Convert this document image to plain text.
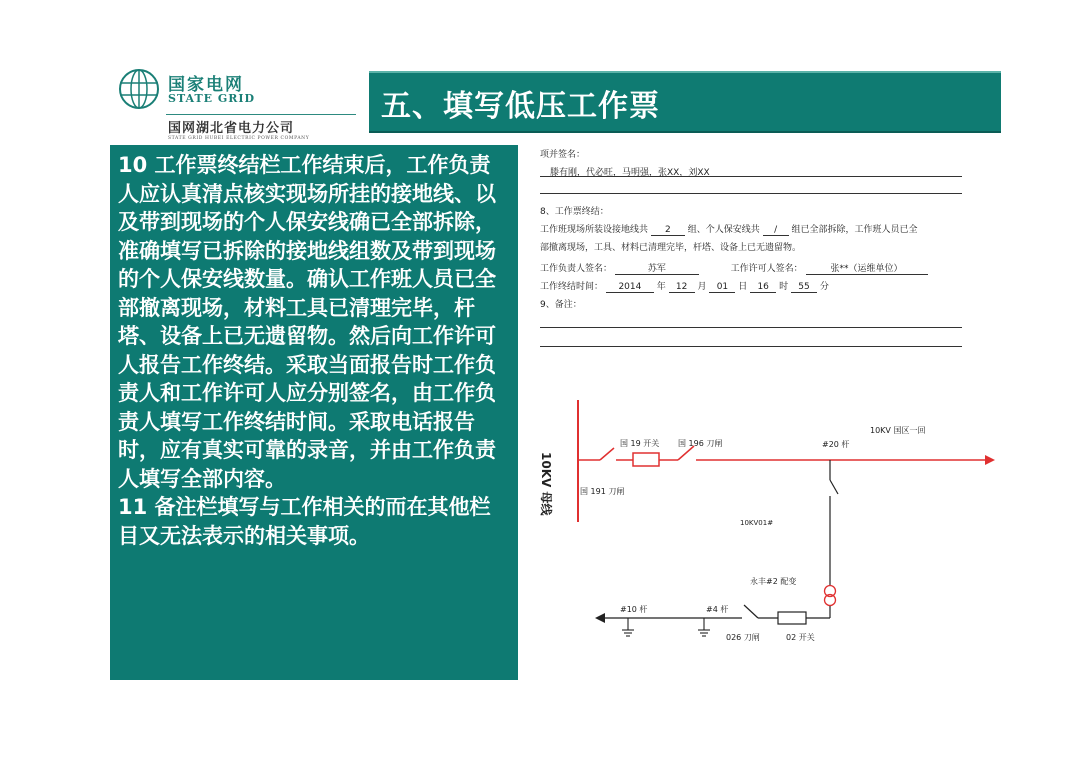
国家电网
STATE GRID
国网湖北省电力公司
STATE GRID HUBEI ELECTRIC POWER COMPANY
五、填写低压工作票

10 工作票终结栏工作结束后，工作负责人应认真清点核实现场所挂的接地线、以及带到现场的个人保安线确已全部拆除，准确填写已拆除的接地线组数及带到现场的个人保安线数量。确认工作班人员已全部撤离现场，材料工具已清理完毕，杆塔、设备上已无遗留物。然后向工作许可人报告工作终结。采取当面报告时工作负责人和工作许可人应分别签名，由工作负责人填写工作终结时间。采取电话报告时，应有真实可靠的录音，并由工作负责人填写全部内容。

11 备注栏填写与工作相关的而在其他栏目又无法表示的相关事项。

项并签名：
滕有刚，代必旺，马明强，张XX，刘XX
8、工作票终结：
工作班现场所装设接地线共 2 组、个人保安线共 / 组已全部拆除，工作班人员已全
部撤离现场，工具、材料已清理完毕，杆塔、设备上已无遗留物。
工作负责人签名：	苏军	工作许可人签名：	张**（运维单位）
工作终结时间： 2014 年 12 月 01 日 16 时 55 分
9、备注：
10KV 母线
国 19 开关 国 196 刀闸
国 191 刀闸
#20 杆
10KV 国区一回
10KV01#
永丰#2 配变
02 开关
026 刀闸
#4 杆
#10 杆
